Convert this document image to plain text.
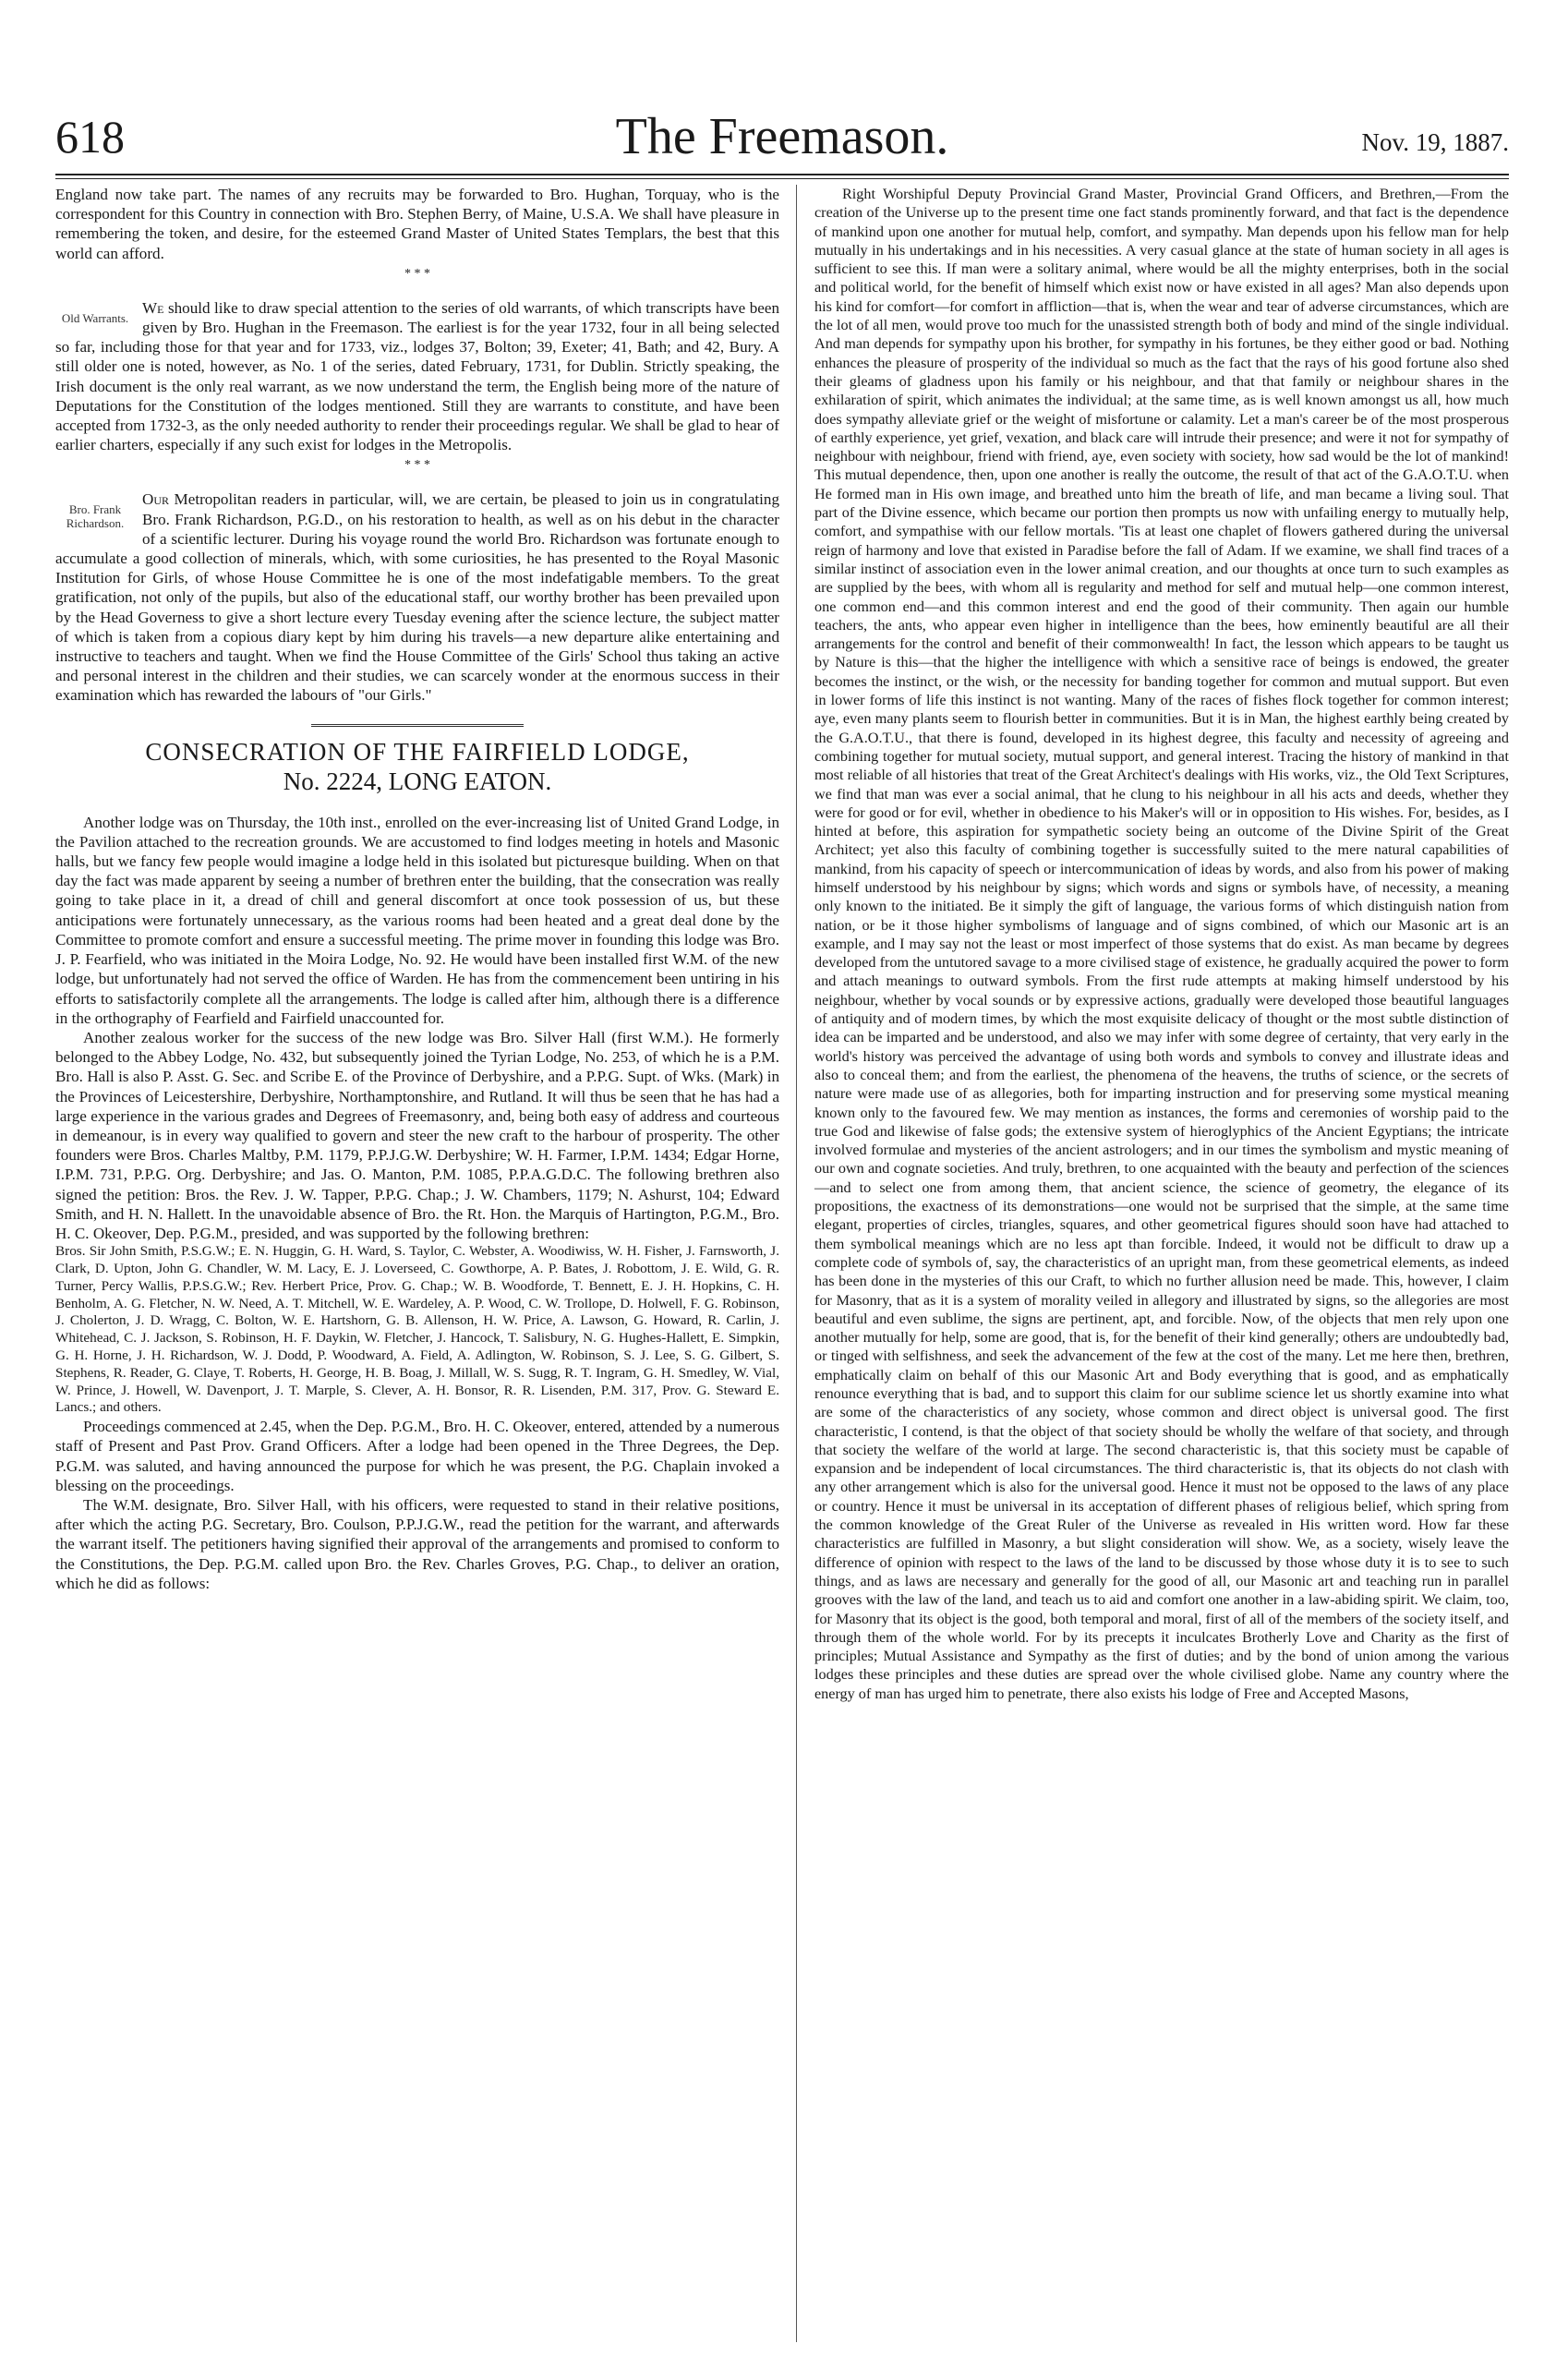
618	The Freemason.	Nov. 19, 1887.

England now take part. The names of any recruits may be forwarded to Bro. Hughan, Torquay, who is the correspondent for this Country in connection with Bro. Stephen Berry, of Maine, U.S.A. We shall have pleasure in remembering the token, and desire, for the esteemed Grand Master of United States Templars, the best that this world can afford.

* * *
Old Warrants.

We should like to draw special attention to the series of old warrants, of which transcripts have been given by Bro. Hughan in the Freemason. The earliest is for the year 1732, four in all being selected so far, including those for that year and for 1733, viz., lodges 37, Bolton; 39, Exeter; 41, Bath; and 42, Bury. A still older one is noted, however, as No. 1 of the series, dated February, 1731, for Dublin. Strictly speaking, the Irish document is the only real warrant, as we now understand the term, the English being more of the nature of Deputations for the Constitution of the lodges mentioned. Still they are warrants to constitute, and have been accepted from 1732-3, as the only needed authority to render their proceedings regular. We shall be glad to hear of earlier charters, especially if any such exist for lodges in the Metropolis.

* * *
Bro. Frank Richardson.

Our Metropolitan readers in particular, will, we are certain, be pleased to join us in congratulating Bro. Frank Richardson, P.G.D., on his restoration to health, as well as on his debut in the character of a scientific lecturer. During his voyage round the world Bro. Richardson was fortunate enough to accumulate a good collection of minerals, which, with some curiosities, he has presented to the Royal Masonic Institution for Girls, of whose House Committee he is one of the most indefatigable members. To the great gratification, not only of the pupils, but also of the educational staff, our worthy brother has been prevailed upon by the Head Governess to give a short lecture every Tuesday evening after the science lecture, the subject matter of which is taken from a copious diary kept by him during his travels—a new departure alike entertaining and instructive to teachers and taught. When we find the House Committee of the Girls' School thus taking an active and personal interest in the children and their studies, we can scarcely wonder at the enormous success in their examination which has rewarded the labours of "our Girls."

CONSECRATION OF THE FAIRFIELD LODGE,
No. 2224, LONG EATON.

Another lodge was on Thursday, the 10th inst., enrolled on the ever-increasing list of United Grand Lodge, in the Pavilion attached to the recreation grounds. We are accustomed to find lodges meeting in hotels and Masonic halls, but we fancy few people would imagine a lodge held in this isolated but picturesque building. When on that day the fact was made apparent by seeing a number of brethren enter the building, that the consecration was really going to take place in it, a dread of chill and general discomfort at once took possession of us, but these anticipations were fortunately unnecessary, as the various rooms had been heated and a great deal done by the Committee to promote comfort and ensure a successful meeting. The prime mover in founding this lodge was Bro. J. P. Fearfield, who was initiated in the Moira Lodge, No. 92. He would have been installed first W.M. of the new lodge, but unfortunately had not served the office of Warden. He has from the commencement been untiring in his efforts to satisfactorily complete all the arrangements. The lodge is called after him, although there is a difference in the orthography of Fearfield and Fairfield unaccounted for.

Another zealous worker for the success of the new lodge was Bro. Silver Hall (first W.M.). He formerly belonged to the Abbey Lodge, No. 432, but subsequently joined the Tyrian Lodge, No. 253, of which he is a P.M. Bro. Hall is also P. Asst. G. Sec. and Scribe E. of the Province of Derbyshire, and a P.P.G. Supt. of Wks. (Mark) in the Provinces of Leicestershire, Derbyshire, Northamptonshire, and Rutland. It will thus be seen that he has had a large experience in the various grades and Degrees of Freemasonry, and, being both easy of address and courteous in demeanour, is in every way qualified to govern and steer the new craft to the harbour of prosperity. The other founders were Bros. Charles Maltby, P.M. 1179, P.P.J.G.W. Derbyshire; W. H. Farmer, I.P.M. 1434; Edgar Horne, I.P.M. 731, P.P.G. Org. Derbyshire; and Jas. O. Manton, P.M. 1085, P.P.A.G.D.C. The following brethren also signed the petition: Bros. the Rev. J. W. Tapper, P.P.G. Chap.; J. W. Chambers, 1179; N. Ashurst, 104; Edward Smith, and H. N. Hallett. In the unavoidable absence of Bro. the Rt. Hon. the Marquis of Hartington, P.G.M., Bro. H. C. Okeover, Dep. P.G.M., presided, and was supported by the following brethren:

Bros. Sir John Smith, P.S.G.W.; E. N. Huggin, G. H. Ward, S. Taylor, C. Webster, A. Woodiwiss, W. H. Fisher, J. Farnsworth, J. Clark, D. Upton, John G. Chandler, W. M. Lacy, E. J. Loverseed, C. Gowthorpe, A. P. Bates, J. Robottom, J. E. Wild, G. R. Turner, Percy Wallis, P.P.S.G.W.; Rev. Herbert Price, Prov. G. Chap.; W. B. Woodforde, T. Bennett, E. J. H. Hopkins, C. H. Benholm, A. G. Fletcher, N. W. Need, A. T. Mitchell, W. E. Wardeley, A. P. Wood, C. W. Trollope, D. Holwell, F. G. Robinson, J. Cholerton, J. D. Wragg, C. Bolton, W. E. Hartshorn, G. B. Allenson, H. W. Price, A. Lawson, G. Howard, R. Carlin, J. Whitehead, C. J. Jackson, S. Robinson, H. F. Daykin, W. Fletcher, J. Hancock, T. Salisbury, N. G. Hughes-Hallett, E. Simpkin, G. H. Horne, J. H. Richardson, W. J. Dodd, P. Woodward, A. Field, A. Adlington, W. Robinson, S. J. Lee, S. G. Gilbert, S. Stephens, R. Reader, G. Claye, T. Roberts, H. George, H. B. Boag, J. Millall, W. S. Sugg, R. T. Ingram, G. H. Smedley, W. Vial, W. Prince, J. Howell, W. Davenport, J. T. Marple, S. Clever, A. H. Bonsor, R. R. Lisenden, P.M. 317, Prov. G. Steward E. Lancs.; and others.

Proceedings commenced at 2.45, when the Dep. P.G.M., Bro. H. C. Okeover, entered, attended by a numerous staff of Present and Past Prov. Grand Officers. After a lodge had been opened in the Three Degrees, the Dep. P.G.M. was saluted, and having announced the purpose for which he was present, the P.G. Chaplain invoked a blessing on the proceedings.

The W.M. designate, Bro. Silver Hall, with his officers, were requested to stand in their relative positions, after which the acting P.G. Secretary, Bro. Coulson, P.P.J.G.W., read the petition for the warrant, and afterwards the warrant itself. The petitioners having signified their approval of the arrangements and promised to conform to the Constitutions, the Dep. P.G.M. called upon Bro. the Rev. Charles Groves, P.G. Chap., to deliver an oration, which he did as follows:

Right Worshipful Deputy Provincial Grand Master, Provincial Grand Officers, and Brethren,—From the creation of the Universe up to the present time one fact stands prominently forward, and that fact is the dependence of mankind upon one another for mutual help, comfort, and sympathy. Man depends upon his fellow man for help mutually in his undertakings and in his necessities. A very casual glance at the state of human society in all ages is sufficient to see this. If man were a solitary animal, where would be all the mighty enterprises, both in the social and political world, for the benefit of himself which exist now or have existed in all ages? Man also depends upon his kind for comfort—for comfort in affliction—that is, when the wear and tear of adverse circumstances, which are the lot of all men, would prove too much for the unassisted strength both of body and mind of the single individual. And man depends for sympathy upon his brother, for sympathy in his fortunes, be they either good or bad. Nothing enhances the pleasure of prosperity of the individual so much as the fact that the rays of his good fortune also shed their gleams of gladness upon his family or his neighbour, and that that family or neighbour shares in the exhilaration of spirit, which animates the individual; at the same time, as is well known amongst us all, how much does sympathy alleviate grief or the weight of misfortune or calamity. Let a man's career be of the most prosperous of earthly experience, yet grief, vexation, and black care will intrude their presence; and were it not for sympathy of neighbour with neighbour, friend with friend, aye, even society with society, how sad would be the lot of mankind! This mutual dependence, then, upon one another is really the outcome, the result of that act of the G.A.O.T.U. when He formed man in His own image, and breathed unto him the breath of life, and man became a living soul. That part of the Divine essence, which became our portion then prompts us now with unfailing energy to mutually help, comfort, and sympathise with our fellow mortals. 'Tis at least one chaplet of flowers gathered during the universal reign of harmony and love that existed in Paradise before the fall of Adam. If we examine, we shall find traces of a similar instinct of association even in the lower animal creation, and our thoughts at once turn to such examples as are supplied by the bees, with whom all is regularity and method for self and mutual help—one common interest, one common end—and this common interest and end the good of their community. Then again our humble teachers, the ants, who appear even higher in intelligence than the bees, how eminently beautiful are all their arrangements for the control and benefit of their commonwealth! In fact, the lesson which appears to be taught us by Nature is this—that the higher the intelligence with which a sensitive race of beings is endowed, the greater becomes the instinct, or the wish, or the necessity for banding together for common and mutual support. But even in lower forms of life this instinct is not wanting. Many of the races of fishes flock together for common interest; aye, even many plants seem to flourish better in communities. But it is in Man, the highest earthly being created by the G.A.O.T.U., that there is found, developed in its highest degree, this faculty and necessity of agreeing and combining together for mutual society, mutual support, and general interest. Tracing the history of mankind in that most reliable of all histories that treat of the Great Architect's dealings with His works, viz., the Old Text Scriptures, we find that man was ever a social animal, that he clung to his neighbour in all his acts and deeds, whether they were for good or for evil, whether in obedience to his Maker's will or in opposition to His wishes. For, besides, as I hinted at before, this aspiration for sympathetic society being an outcome of the Divine Spirit of the Great Architect; yet also this faculty of combining together is successfully suited to the mere natural capabilities of mankind, from his capacity of speech or intercommunication of ideas by words, and also from his power of making himself understood by his neighbour by signs; which words and signs or symbols have, of necessity, a meaning only known to the initiated. Be it simply the gift of language, the various forms of which distinguish nation from nation, or be it those higher symbolisms of language and of signs combined, of which our Masonic art is an example, and I may say not the least or most imperfect of those systems that do exist. As man became by degrees developed from the untutored savage to a more civilised stage of existence, he gradually acquired the power to form and attach meanings to outward symbols. From the first rude attempts at making himself understood by his neighbour, whether by vocal sounds or by expressive actions, gradually were developed those beautiful languages of antiquity and of modern times, by which the most exquisite delicacy of thought or the most subtle distinction of idea can be imparted and be understood, and also we may infer with some degree of certainty, that very early in the world's history was perceived the advantage of using both words and symbols to convey and illustrate ideas and also to conceal them; and from the earliest, the phenomena of the heavens, the truths of science, or the secrets of nature were made use of as allegories, both for imparting instruction and for preserving some mystical meaning known only to the favoured few. We may mention as instances, the forms and ceremonies of worship paid to the true God and likewise of false gods; the extensive system of hieroglyphics of the Ancient Egyptians; the intricate involved formulae and mysteries of the ancient astrologers; and in our times the symbolism and mystic meaning of our own and cognate societies. And truly, brethren, to one acquainted with the beauty and perfection of the sciences—and to select one from among them, that ancient science, the science of geometry, the elegance of its propositions, the exactness of its demonstrations—one would not be surprised that the simple, at the same time elegant, properties of circles, triangles, squares, and other geometrical figures should soon have had attached to them symbolical meanings which are no less apt than forcible. Indeed, it would not be difficult to draw up a complete code of symbols of, say, the characteristics of an upright man, from these geometrical elements, as indeed has been done in the mysteries of this our Craft, to which no further allusion need be made. This, however, I claim for Masonry, that as it is a system of morality veiled in allegory and illustrated by signs, so the allegories are most beautiful and even sublime, the signs are pertinent, apt, and forcible. Now, of the objects that men rely upon one another mutually for help, some are good, that is, for the benefit of their kind generally; others are undoubtedly bad, or tinged with selfishness, and seek the advancement of the few at the cost of the many. Let me here then, brethren, emphatically claim on behalf of this our Masonic Art and Body everything that is good, and as emphatically renounce everything that is bad, and to support this claim for our sublime science let us shortly examine into what are some of the characteristics of any society, whose common and direct object is universal good. The first characteristic, I contend, is that the object of that society should be wholly the welfare of that society, and through that society the welfare of the world at large. The second characteristic is, that this society must be capable of expansion and be independent of local circumstances. The third characteristic is, that its objects do not clash with any other arrangement which is also for the universal good. Hence it must not be opposed to the laws of any place or country. Hence it must be universal in its acceptation of different phases of religious belief, which spring from the common knowledge of the Great Ruler of the Universe as revealed in His written word. How far these characteristics are fulfilled in Masonry, a but slight consideration will show. We, as a society, wisely leave the difference of opinion with respect to the laws of the land to be discussed by those whose duty it is to see to such things, and as laws are necessary and generally for the good of all, our Masonic art and teaching run in parallel grooves with the law of the land, and teach us to aid and comfort one another in a law-abiding spirit. We claim, too, for Masonry that its object is the good, both temporal and moral, first of all of the members of the society itself, and through them of the whole world. For by its precepts it inculcates Brotherly Love and Charity as the first of principles; Mutual Assistance and Sympathy as the first of duties; and by the bond of union among the various lodges these principles and these duties are spread over the whole civilised globe. Name any country where the energy of man has urged him to penetrate, there also exists his lodge of Free and Accepted Masons,
